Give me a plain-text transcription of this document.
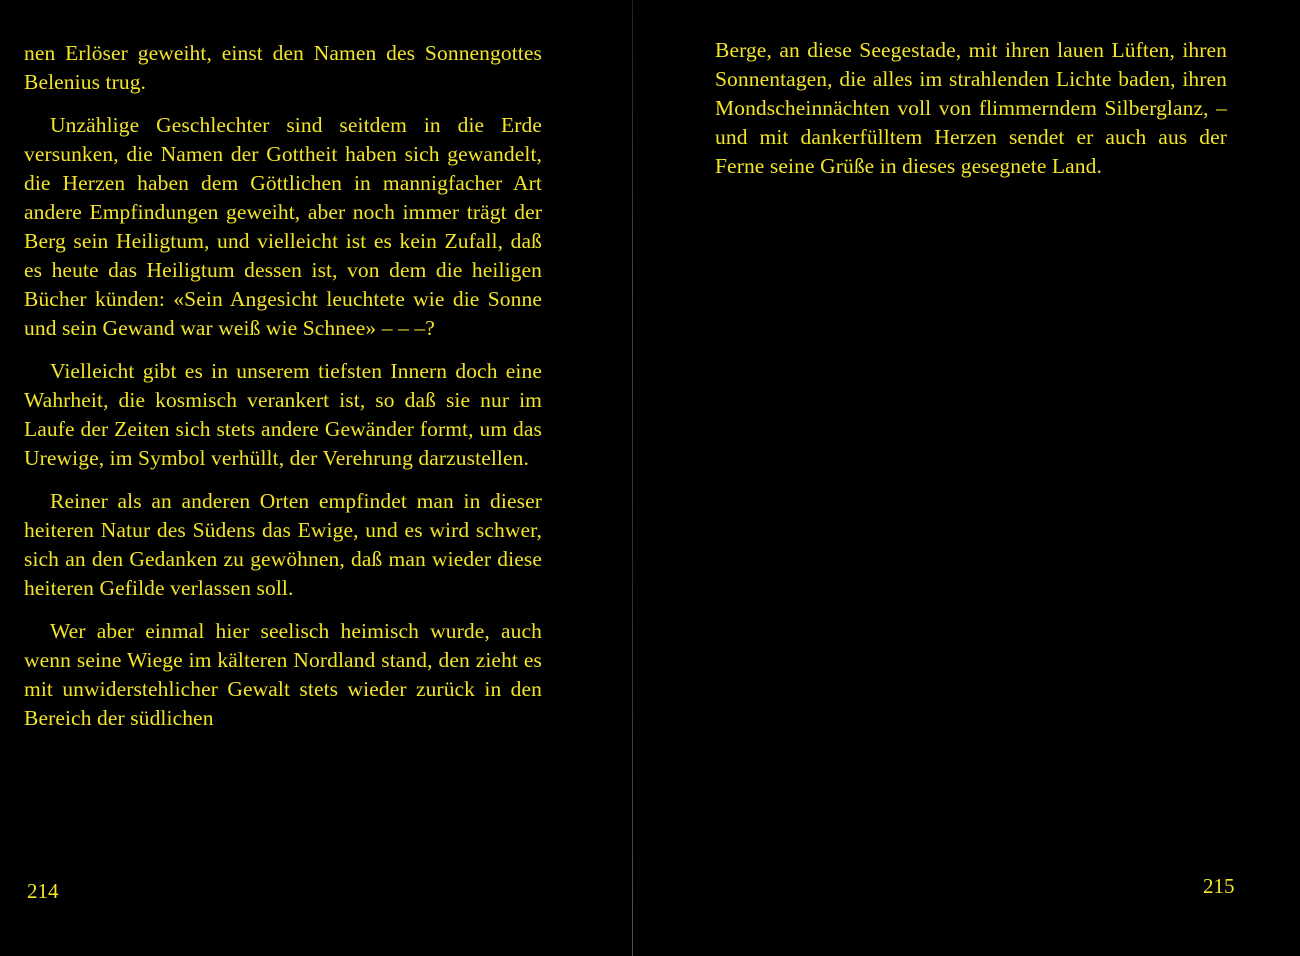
nen Erlöser geweiht, einst den Namen des Sonnengottes Belenius trug.

Unzählige Geschlechter sind seitdem in die Erde versunken, die Namen der Gottheit haben sich gewandelt, die Herzen haben dem Göttlichen in mannigfacher Art andere Empfindungen geweiht, aber noch immer trägt der Berg sein Heiligtum, und vielleicht ist es kein Zufall, daß es heute das Heiligtum dessen ist, von dem die heiligen Bücher künden: «Sein Angesicht leuchtete wie die Sonne und sein Gewand war weiß wie Schnee» – – –?

Vielleicht gibt es in unserem tiefsten Innern doch eine Wahrheit, die kosmisch verankert ist, so daß sie nur im Laufe der Zeiten sich stets andere Gewänder formt, um das Urewige, im Symbol verhüllt, der Verehrung darzustellen.

Reiner als an anderen Orten empfindet man in dieser heiteren Natur des Südens das Ewige, und es wird schwer, sich an den Gedanken zu gewöhnen, daß man wieder diese heiteren Gefilde verlassen soll.

Wer aber einmal hier seelisch heimisch wurde, auch wenn seine Wiege im kälteren Nordland stand, den zieht es mit unwiderstehlicher Gewalt stets wieder zurück in den Bereich der südlichen

214

Berge, an diese Seegestade, mit ihren lauen Lüften, ihren Sonnentagen, die alles im strahlenden Lichte baden, ihren Mondscheinnächten voll von flimmerndem Silberglanz, – und mit dankerfülltem Herzen sendet er auch aus der Ferne seine Grüße in dieses gesegnete Land.

215
